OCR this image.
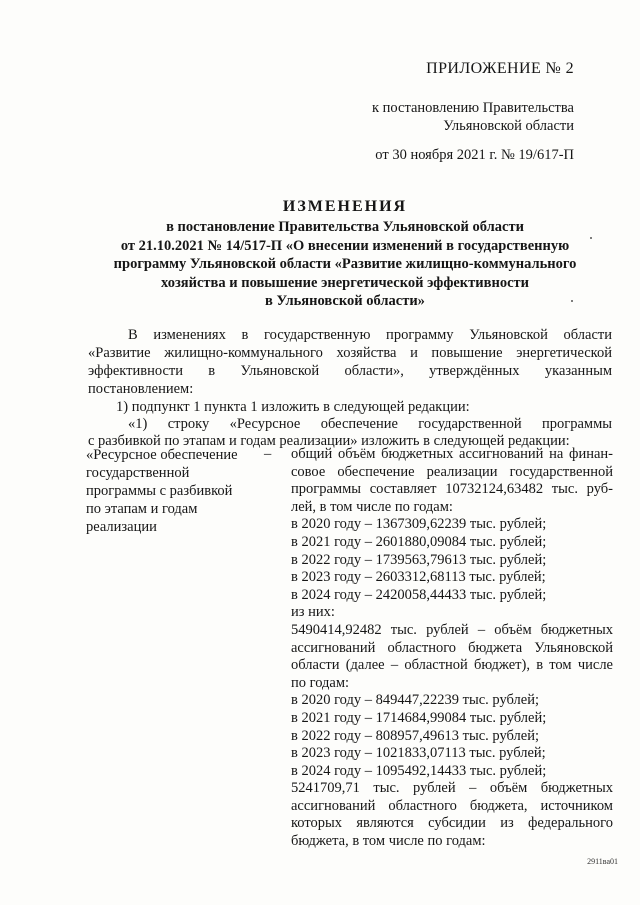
ПРИЛОЖЕНИЕ № 2
к постановлению Правительства
Ульяновской области
от 30 ноября 2021 г. № 19/617-П
ИЗМЕНЕНИЯ
в постановление Правительства Ульяновской области
от 21.10.2021 № 14/517-П «О внесении изменений в государственную
программу Ульяновской области «Развитие жилищно-коммунального
хозяйства и повышение энергетической эффективности
в Ульяновской области»
В изменениях в государственную программу Ульяновской области
«Развитие жилищно-коммунального хозяйства и повышение энергетической
эффективности в Ульяновской области», утверждённых указанным
постановлением:
1) подпункт 1 пункта 1 изложить в следующей редакции:
«1) строку «Ресурсное обеспечение государственной программы
с разбивкой по этапам и годам реализации» изложить в следующей редакции:
«Ресурсное обеспечение
государственной
программы с разбивкой
по этапам и годам
реализации
– общий объём бюджетных ассигнований на финан-
совое обеспечение реализации государственной
программы составляет 10732124,63482 тыс. руб-
лей, в том числе по годам:
в 2020 году – 1367309,62239 тыс. рублей;
в 2021 году – 2601880,09084 тыс. рублей;
в 2022 году – 1739563,79613 тыс. рублей;
в 2023 году – 2603312,68113 тыс. рублей;
в 2024 году – 2420058,44433 тыс. рублей;
из них:
5490414,92482 тыс. рублей – объём бюджетных
ассигнований областного бюджета Ульяновской
области (далее – областной бюджет), в том числе
по годам:
в 2020 году – 849447,22239 тыс. рублей;
в 2021 году – 1714684,99084 тыс. рублей;
в 2022 году – 808957,49613 тыс. рублей;
в 2023 году – 1021833,07113 тыс. рублей;
в 2024 году – 1095492,14433 тыс. рублей;
5241709,71 тыс. рублей – объём бюджетных
ассигнований областного бюджета, источником
которых являются субсидии из федерального
бюджета, в том числе по годам:
2911ва01
